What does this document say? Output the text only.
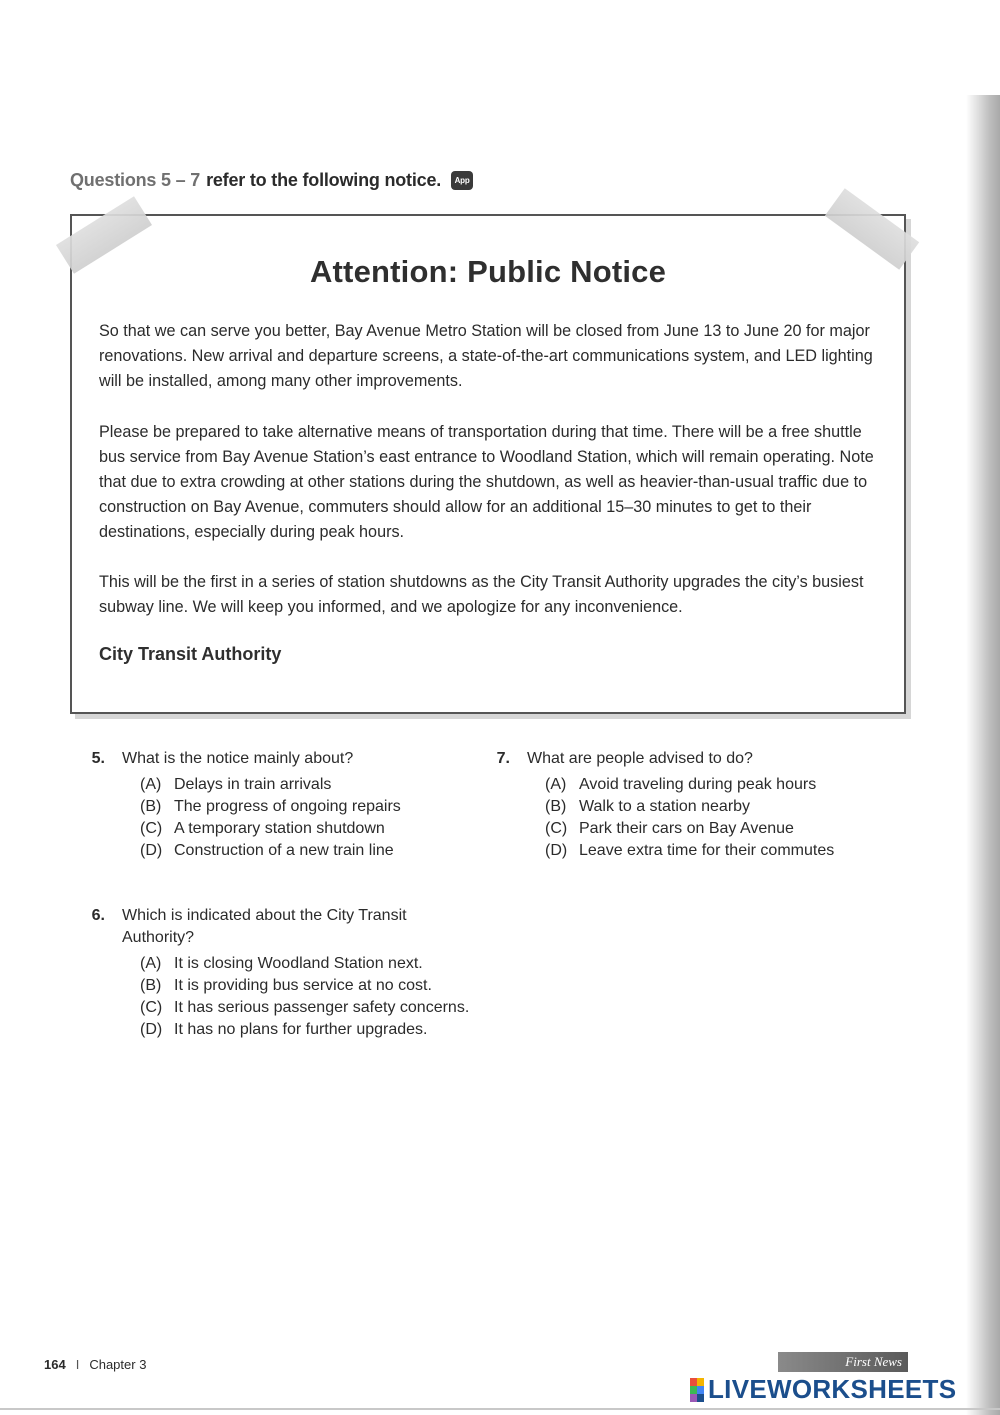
Questions 5 – 7 refer to the following notice.	App
Attention: Public Notice

So that we can serve you better, Bay Avenue Metro Station will be closed from June 13 to June 20 for major renovations. New arrival and departure screens, a state-of-the-art communications system, and LED lighting will be installed, among many other improvements.

Please be prepared to take alternative means of transportation during that time. There will be a free shuttle bus service from Bay Avenue Station’s east entrance to Woodland Station, which will remain operating. Note that due to extra crowding at other stations during the shutdown, as well as heavier-than-usual traffic due to construction on Bay Avenue, commuters should allow for an additional 15–30 minutes to get to their destinations, especially during peak hours.

This will be the first in a series of station shutdowns as the City Transit Authority upgrades the city’s busiest subway line. We will keep you informed, and we apologize for any inconvenience.

City Transit Authority
5.	What is the notice mainly about?
(A) Delays in train arrivals
(B) The progress of ongoing repairs
(C) A temporary station shutdown
(D) Construction of a new train line
7.	What are people advised to do?
(A) Avoid traveling during peak hours
(B) Walk to a station nearby
(C) Park their cars on Bay Avenue
(D) Leave extra time for their commutes
6.	Which is indicated about the City Transit Authority?
(A) It is closing Woodland Station next.
(B) It is providing bus service at no cost.
(C) It has serious passenger safety concerns.
(D) It has no plans for further upgrades.
164 I Chapter 3	First News
LIVEWORKSHEETS
